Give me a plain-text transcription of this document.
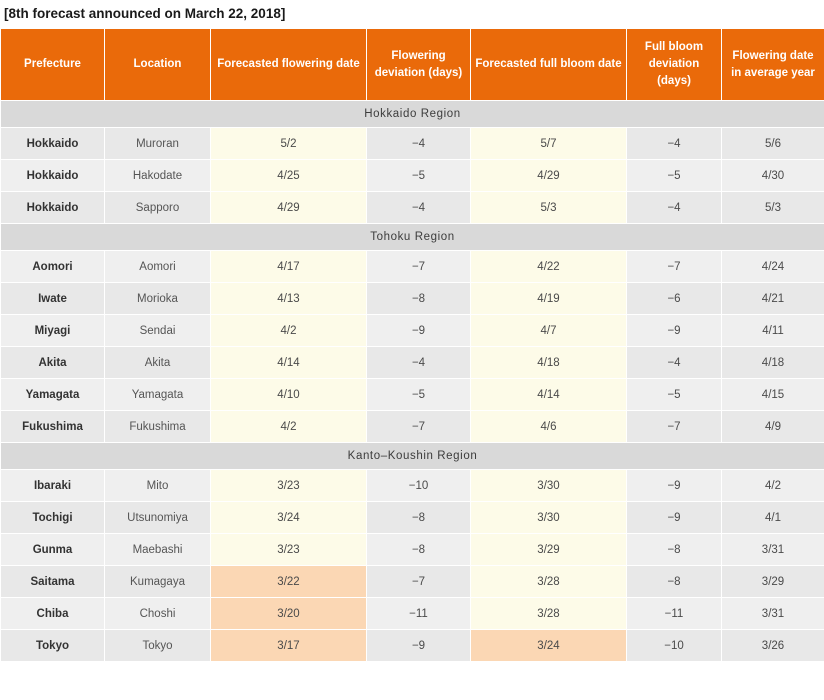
[8th forecast announced on March 22, 2018]
Prefecture	Location	Forecasted flowering date	Flowering deviation (days)	Forecasted full bloom date	Full bloom deviation (days)	Flowering date in average year
Hokkaido Region						
Hokkaido	Muroran	5/2	−4	5/7	−4	5/6
Hokkaido	Hakodate	4/25	−5	4/29	−5	4/30
Hokkaido	Sapporo	4/29	−4	5/3	−4	5/3
Tohoku Region						
Aomori	Aomori	4/17	−7	4/22	−7	4/24
Iwate	Morioka	4/13	−8	4/19	−6	4/21
Miyagi	Sendai	4/2	−9	4/7	−9	4/11
Akita	Akita	4/14	−4	4/18	−4	4/18
Yamagata	Yamagata	4/10	−5	4/14	−5	4/15
Fukushima	Fukushima	4/2	−7	4/6	−7	4/9
Kanto–Koushin Region						
Ibaraki	Mito	3/23	−10	3/30	−9	4/2
Tochigi	Utsunomiya	3/24	−8	3/30	−9	4/1
Gunma	Maebashi	3/23	−8	3/29	−8	3/31
Saitama	Kumagaya	3/22	−7	3/28	−8	3/29
Chiba	Choshi	3/20	−11	3/28	−11	3/31
Tokyo	Tokyo	3/17	−9	3/24	−10	3/26
